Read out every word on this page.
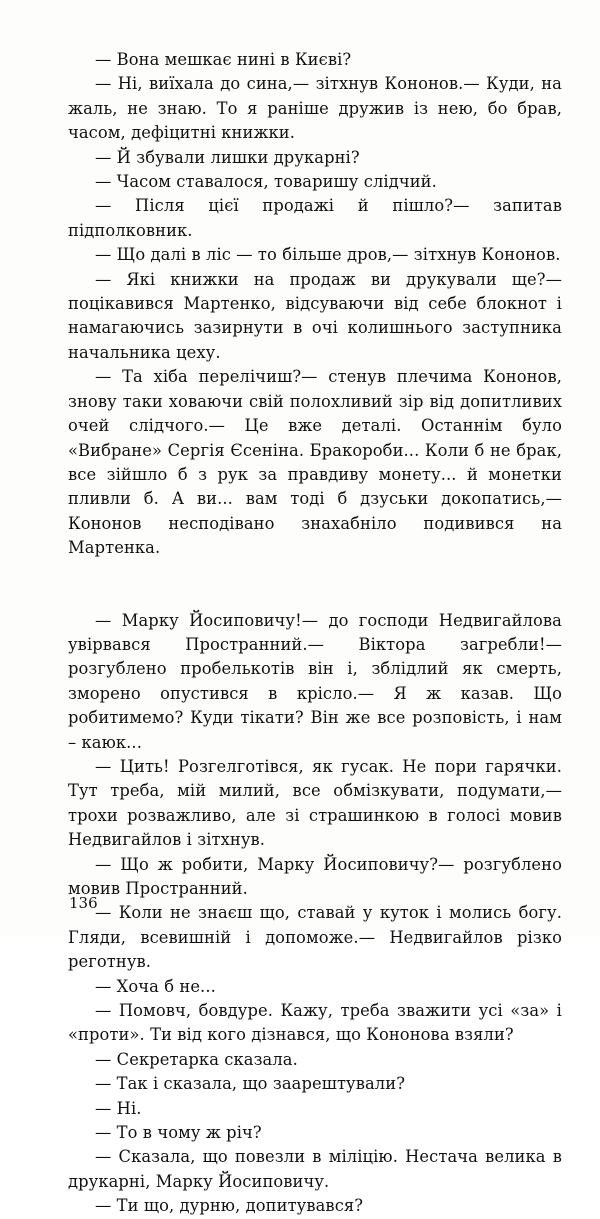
— Вона мешкає нині в Києві?

— Ні, виїхала до сина,— зітхнув Кононов.— Куди, на жаль, не знаю. То я раніше дружив із нею, бо брав, часом, дефіцитні книжки.

— Й збували лишки друкарні?

— Часом ставалося, товаришу слідчий.

— Після цієї продажі й пішло?— запитав підполковник.

— Що далі в ліс — то більше дров,— зітхнув Кононов.

— Які книжки на продаж ви друкували ще?— поцікавився Мартенко, відсуваючи від себе блокнот і намагаючись зазирнути в очі колишнього заступника начальника цеху.

— Та хіба перелічиш?— стенув плечима Кононов, знову таки ховаючи свій полохливий зір від допитливих очей слідчого.— Це вже деталі. Останнім було «Вибране» Сергія Єсеніна. Бракороби... Коли б не брак, все зійшло б з рук за правдиву монету... й монетки пливли б. А ви... вам тоді б дзуськи докопатись,— Кононов несподівано знахабніло подивився на Мартенка.

— Марку Йосиповичу!— до господи Недвигайлова увірвався Пространний.— Віктора загребли!— розгублено пробелькотів він і, зблідлий як смерть, зморено опустився в крісло.— Я ж казав. Що робитимемо? Куди тікати? Він же все розповість, і нам – каюк...

— Цить! Розгелготівся, як гусак. Не пори гарячки. Тут треба, мій милий, все обмізкувати, подумати,— трохи розважливо, але зі страшинкою в голосі мовив Недвигайлов і зітхнув.

— Що ж робити, Марку Йосиповичу?— розгублено мовив Пространний.

— Коли не знаєш що, ставай у куток і молись богу. Гляди, всевишній і допоможе.— Недвигайлов різко реготнув.

— Хоча б не...

— Помовч, бовдуре. Кажу, треба зважити усі «за» і «проти». Ти від кого дізнався, що Кононова взяли?

— Секретарка сказала.

— Так і сказала, що заарештували?

— Ні.

— То в чому ж річ?

— Сказала, що повезли в міліцію. Нестача велика в друкарні, Марку Йосиповичу.

— Ти що, дурню, допитувався?

136
